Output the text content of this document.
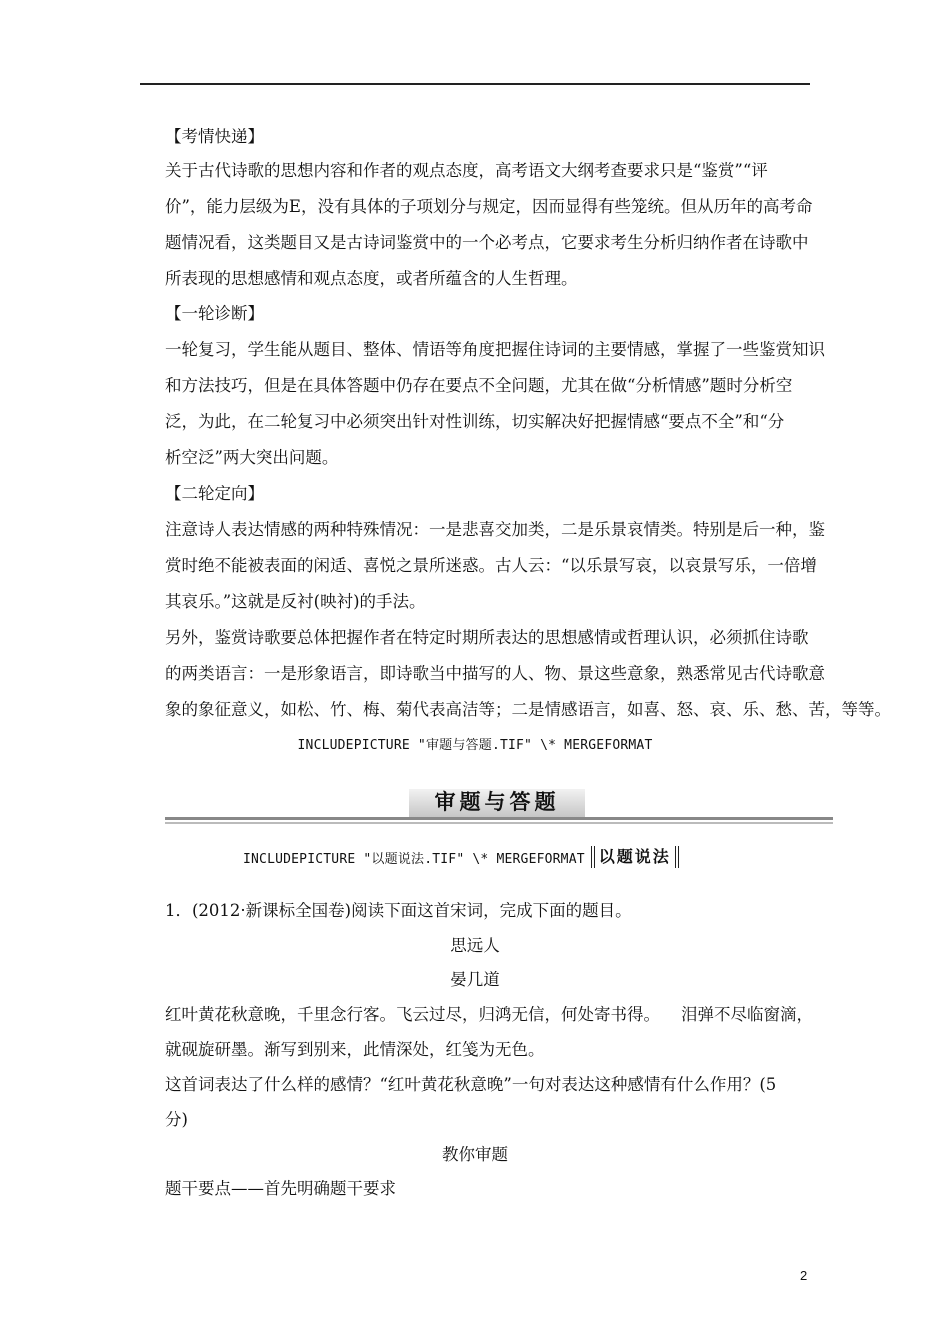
【考情快递】
关于古代诗歌的思想内容和作者的观点态度，高考语文大纲考查要求只是“鉴赏”“评
价”，能力层级为E，没有具体的子项划分与规定，因而显得有些笼统。但从历年的高考命
题情况看，这类题目又是古诗词鉴赏中的一个必考点，它要求考生分析归纳作者在诗歌中
所表现的思想感情和观点态度，或者所蕴含的人生哲理。
【一轮诊断】
一轮复习，学生能从题目、整体、情语等角度把握住诗词的主要情感，掌握了一些鉴赏知识
和方法技巧，但是在具体答题中仍存在要点不全问题，尤其在做“分析情感”题时分析空
泛，为此，在二轮复习中必须突出针对性训练，切实解决好把握情感“要点不全”和“分
析空泛”两大突出问题。
【二轮定向】
注意诗人表达情感的两种特殊情况：一是悲喜交加类，二是乐景哀情类。特别是后一种，鉴
赏时绝不能被表面的闲适、喜悦之景所迷惑。古人云：“以乐景写哀，以哀景写乐，一倍增
其哀乐。”这就是反衬(映衬)的手法。
另外，鉴赏诗歌要总体把握作者在特定时期所表达的思想感情或哲理认识，必须抓住诗歌
的两类语言：一是形象语言，即诗歌当中描写的人、物、景这些意象，熟悉常见古代诗歌意
象的象征意义，如松、竹、梅、菊代表高洁等；二是情感语言，如喜、怒、哀、乐、愁、苦，等等。
INCLUDEPICTURE "审题与答题.TIF" \* MERGEFORMAT
审题与答题
INCLUDEPICTURE "以题说法.TIF" \* MERGEFORMAT 以题说法
1．(2012·新课标全国卷)阅读下面这首宋词，完成下面的题目。
思远人
晏几道
红叶黄花秋意晚，千里念行客。飞云过尽，归鸿无信，何处寄书得。    泪弹不尽临窗滴，
就砚旋研墨。渐写到别来，此情深处，红笺为无色。
这首词表达了什么样的感情？“红叶黄花秋意晚”一句对表达这种感情有什么作用？(5
分)
教你审题
题干要点——首先明确题干要求
2
